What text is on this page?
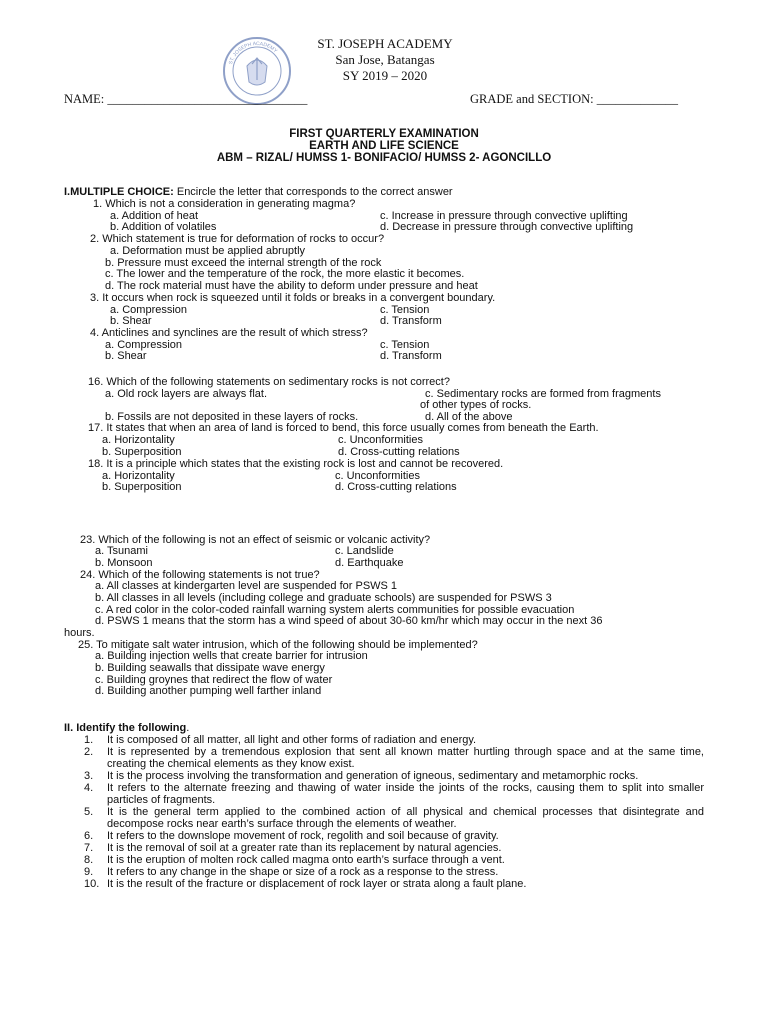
ST. JOSEPH ACADEMY	ST. JOSEPH ACADEMY
San Jose, Batangas
SY 2019 – 2020
NAME: ________________________________	GRADE and SECTION: _____________
FIRST QUARTERLY EXAMINATION
EARTH AND LIFE SCIENCE
ABM – RIZAL/ HUMSS 1- BONIFACIO/ HUMSS 2- AGONCILLO
I.MULTIPLE CHOICE: Encircle the letter that corresponds to the correct answer
1. Which is not a consideration in generating magma?
a. Addition of heat	c. Increase in pressure through convective uplifting
b. Addition of volatiles	d. Decrease in pressure through convective uplifting
2. Which statement is true for deformation of rocks to occur?
a. Deformation must be applied abruptly
b. Pressure must exceed the internal strength of the rock
c. The lower and the temperature of the rock, the more elastic it becomes.
d. The rock material must have the ability to deform under pressure and heat
3. It occurs when rock is squeezed until it folds or breaks in a convergent boundary.
a. Compression	c. Tension
b. Shear	d. Transform
4. Anticlines and synclines are the result of which stress?
a. Compression	c. Tension
b. Shear	d. Transform
16. Which of the following statements on sedimentary rocks is not correct?
a. Old rock layers are always flat.	c. Sedimentary rocks are formed from fragments
of other types of rocks.
b. Fossils are not deposited in these layers of rocks.	d. All of the above
17. It states that when an area of land is forced to bend, this force usually comes from beneath the Earth.
a. Horizontality	c. Unconformities
b. Superposition	d. Cross-cutting relations
18. It is a principle which states that the existing rock is lost and cannot be recovered.
a. Horizontality	c. Unconformities
b. Superposition	d. Cross-cutting relations
23. Which of the following is not an effect of seismic or volcanic activity?
a. Tsunami	c. Landslide
b. Monsoon	d. Earthquake
24. Which of the following statements is not true?
a. All classes at kindergarten level are suspended for PSWS 1
b. All classes in all levels (including college and graduate schools) are suspended for PSWS 3
c. A red color in the color-coded rainfall warning system alerts communities for possible evacuation
d. PSWS 1 means that the storm has a wind speed of about 30-60 km/hr which may occur in the next 36
hours.
25. To mitigate salt water intrusion, which of the following should be implemented?
a. Building injection wells that create barrier for intrusion
b. Building seawalls that dissipate wave energy
c. Building groynes that redirect the flow of water
d. Building another pumping well farther inland
II. Identify the following.
1.	It is composed of all matter, all light and other forms of radiation and energy.
2.	It is represented by a tremendous explosion that sent all known matter hurtling through space and at the same time, creating the chemical elements as they know exist.
3.	It is the process involving the transformation and generation of igneous, sedimentary and metamorphic rocks.
4.	It refers to the alternate freezing and thawing of water inside the joints of the rocks, causing them to split into smaller particles of fragments.
5.	It is the general term applied to the combined action of all physical and chemical processes that disintegrate and decompose rocks near earth’s surface through the elements of weather.
6.	It refers to the downslope movement of rock, regolith and soil because of gravity.
7.	It is the removal of soil at a greater rate than its replacement by natural agencies.
8.	It is the eruption of molten rock called magma onto earth’s surface through a vent.
9.	It refers to any change in the shape or size of a rock as a response to the stress.
10. It is the result of the fracture or displacement of rock layer or strata along a fault plane.
